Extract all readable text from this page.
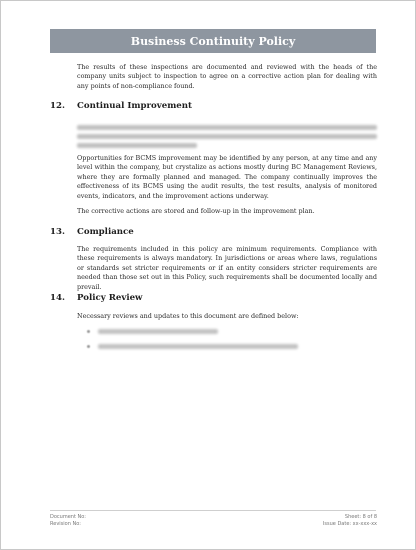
Business Continuity Policy

The results of these inspections are documented and reviewed with the heads of the company units subject to inspection to agree on a corrective action plan for dealing with any points of non-compliance found.

12.	Continual Improvement

Opportunities for BCMS improvement may be identified by any person, at any time and any level within the company, but crystalize as actions mostly during BC Management Reviews, where they are formally planned and managed. The company continually improves the effectiveness of its BCMS using the audit results, the test results, analysis of monitored events, indicators, and the improvement actions underway.

The corrective actions are stored and follow-up in the improvement plan.

13.	Compliance

The requirements included in this policy are minimum requirements. Compliance with these requirements is always mandatory. In jurisdictions or areas where laws, regulations or standards set stricter requirements or if an entity considers stricter requirements are needed than those set out in this Policy, such requirements shall be documented locally and prevail.

14.	Policy Review

Necessary reviews and updates to this document are defined below:

Document No:
Revision No:
Sheet: 8 of 8
Issue Date: xx-xxx-xx
